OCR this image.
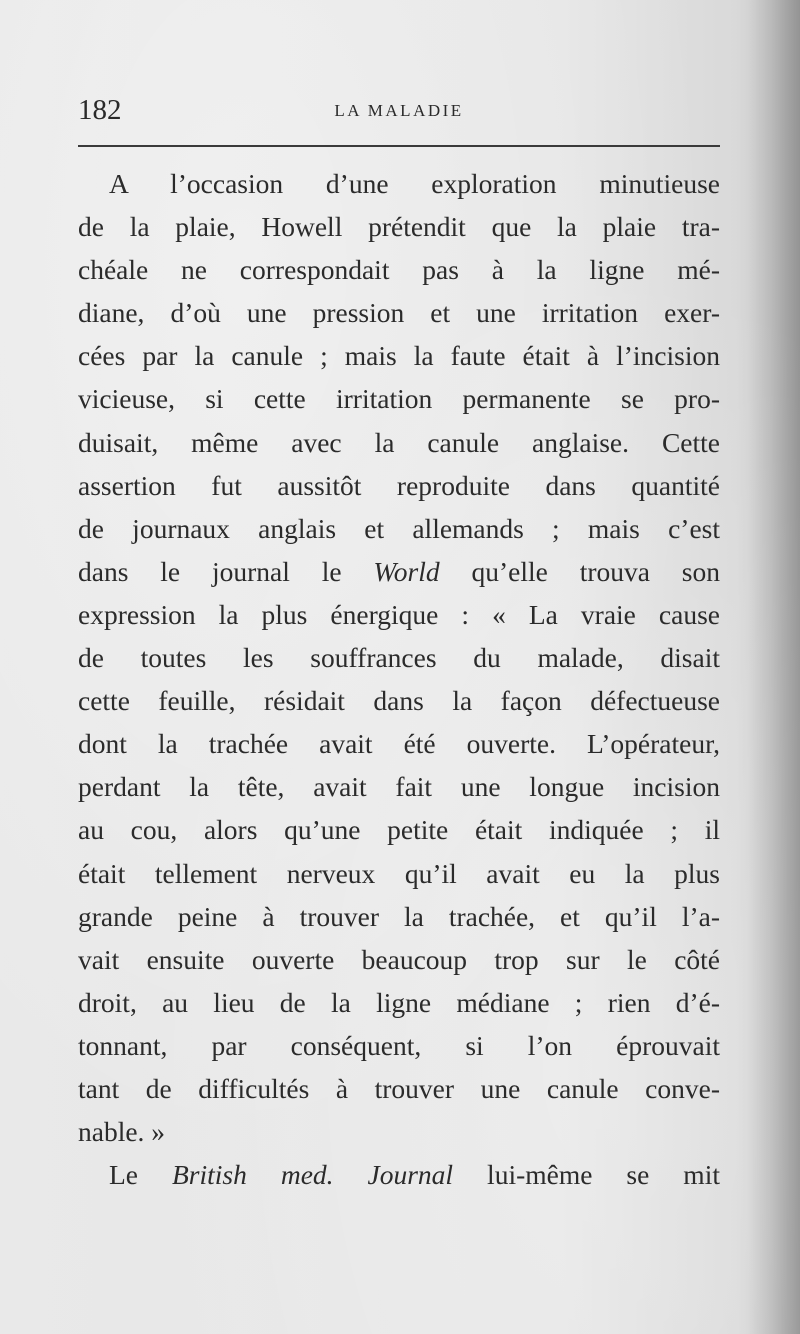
182	LA MALADIE
A l’occasion d’une exploration minutieuse
de la plaie, Howell prétendit que la plaie tra-
chéale ne correspondait pas à la ligne mé-
diane, d’où une pression et une irritation exer-
cées par la canule ; mais la faute était à l’incision
vicieuse, si cette irritation permanente se pro-
duisait, même avec la canule anglaise. Cette
assertion fut aussitôt reproduite dans quantité
de journaux anglais et allemands ; mais c’est
dans le journal le World qu’elle trouva son
expression la plus énergique : « La vraie cause
de toutes les souffrances du malade, disait
cette feuille, résidait dans la façon défectueuse
dont la trachée avait été ouverte. L’opérateur,
perdant la tête, avait fait une longue incision
au cou, alors qu’une petite était indiquée ; il
était tellement nerveux qu’il avait eu la plus
grande peine à trouver la trachée, et qu’il l’a-
vait ensuite ouverte beaucoup trop sur le côté
droit, au lieu de la ligne médiane ; rien d’é-
tonnant, par conséquent, si l’on éprouvait
tant de difficultés à trouver une canule conve-
nable. »
Le British med. Journal lui-même se mit
